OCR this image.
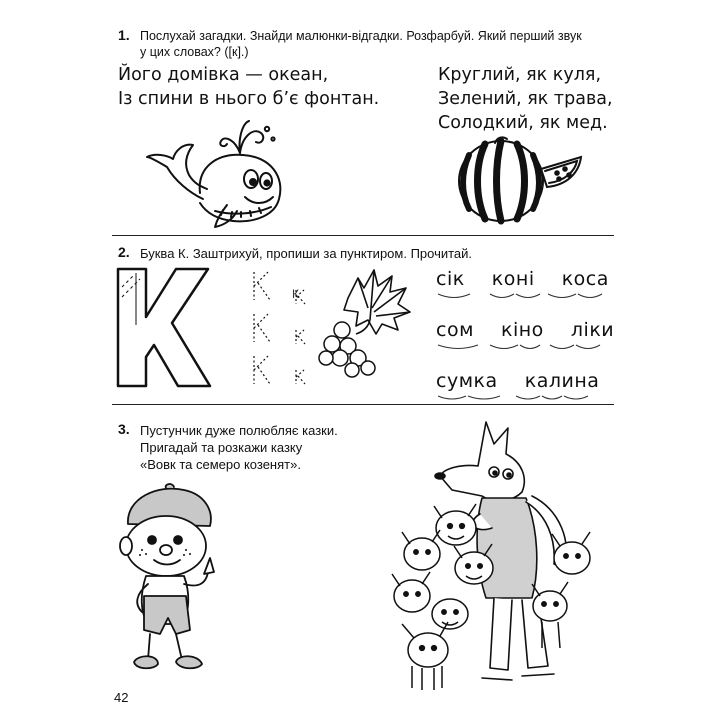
1. Послухай загадки. Знайди малюнки-відгадки. Розфарбуй. Який перший звук
у цих словах? ([к].)
Його домівка — океан,
Із спини в нього б’є фонтан.
Круглий, як куля,
Зелений, як трава,
Солодкий, як мед.
2. Буква К. Заштрихуй, пропиши за пунктиром. Прочитай.
К
сік коні коса
сом кіно ліки
сумка калина
3. Пустунчик дуже полюбляє казки.
Пригадай та розкажи казку
«Вовк та семеро козенят».
42
